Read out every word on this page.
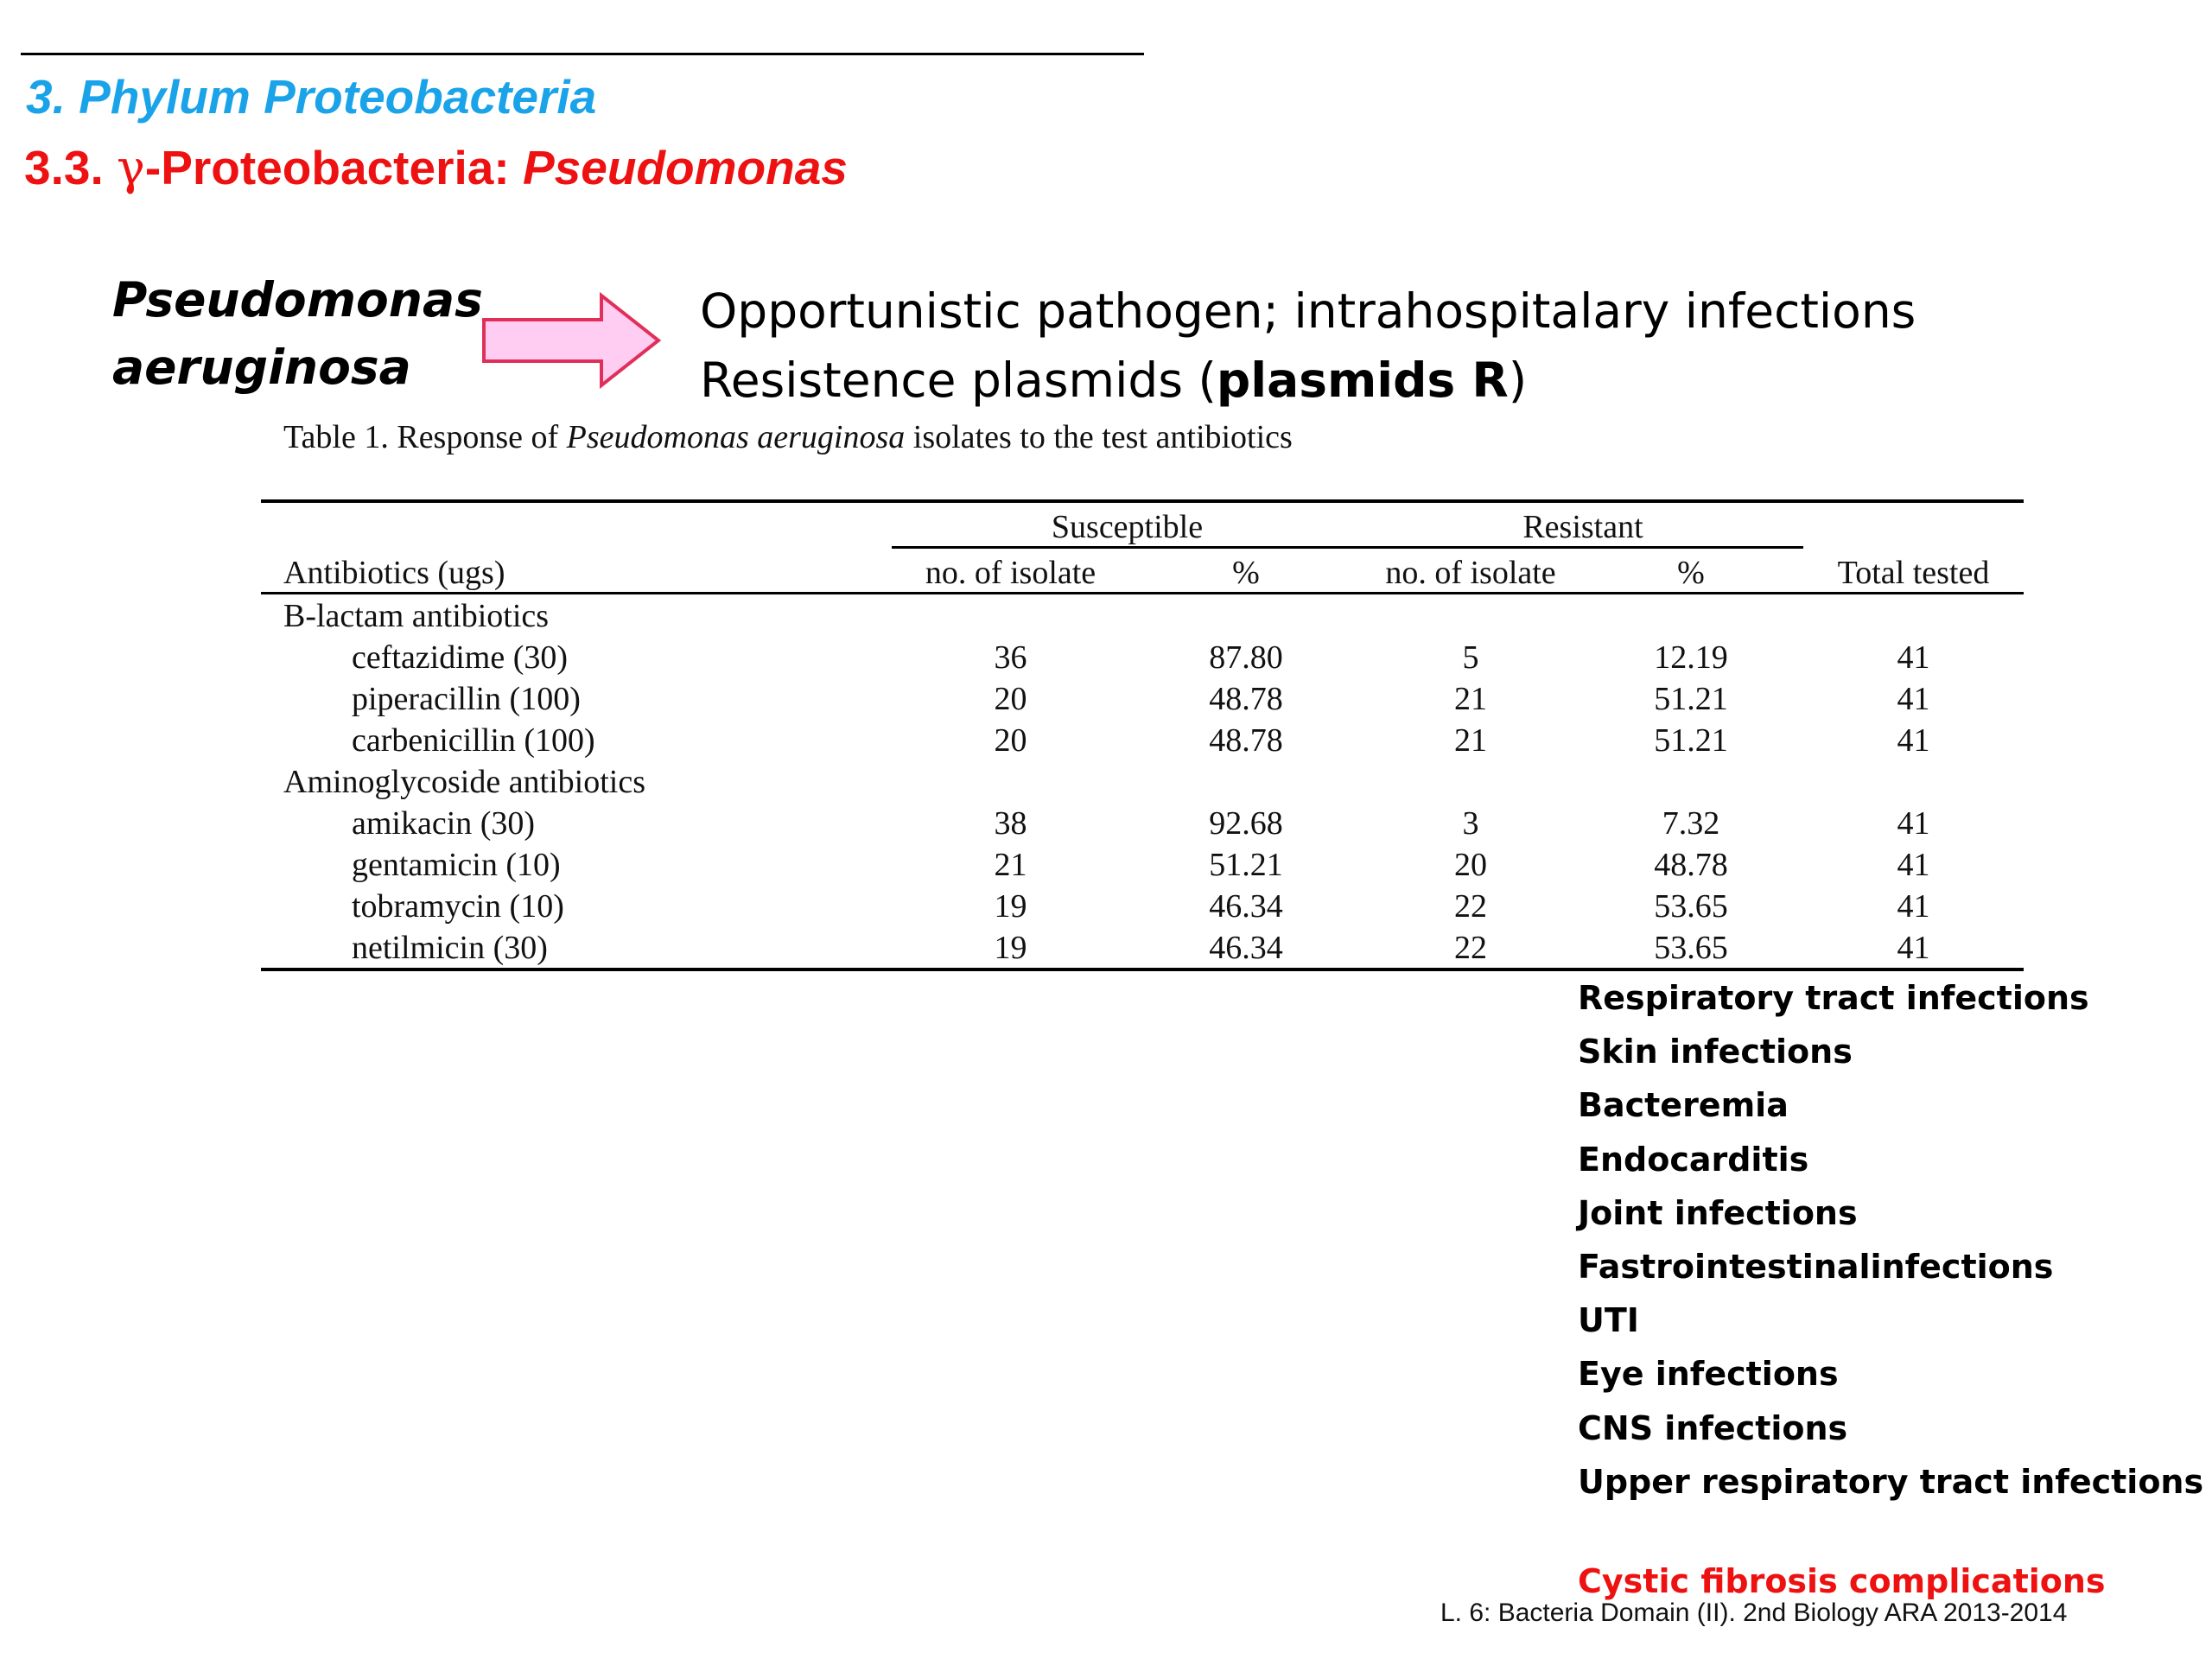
3. Phylum Proteobacteria
3.3. γ-Proteobacteria: Pseudomonas
Pseudomonas
aeruginosa
Opportunistic pathogen; intrahospitalary infections
Resistence plasmids (plasmids R)
Table 1. Response of Pseudomonas aeruginosa isolates to the test antibiotics
	Susceptible		Resistant		
Antibiotics (ugs)	no. of isolate	%	no. of isolate	%	Total tested
B-lactam antibiotics					
ceftazidime (30)	36	87.80	5	12.19	41
piperacillin (100)	20	48.78	21	51.21	41
carbenicillin (100)	20	48.78	21	51.21	41
Aminoglycoside antibiotics					
amikacin (30)	38	92.68	3	7.32	41
gentamicin (10)	21	51.21	20	48.78	41
tobramycin (10)	19	46.34	22	53.65	41
netilmicin (30)	19	46.34	22	53.65	41
Respiratory tract infections
Skin infections
Bacteremia
Endocarditis
Joint infections
Fastrointestinalinfections
UTI
Eye infections
CNS infections
Upper respiratory tract infections
Cystic fibrosis complications
L. 6: Bacteria Domain (II). 2nd Biology ARA 2013-2014
